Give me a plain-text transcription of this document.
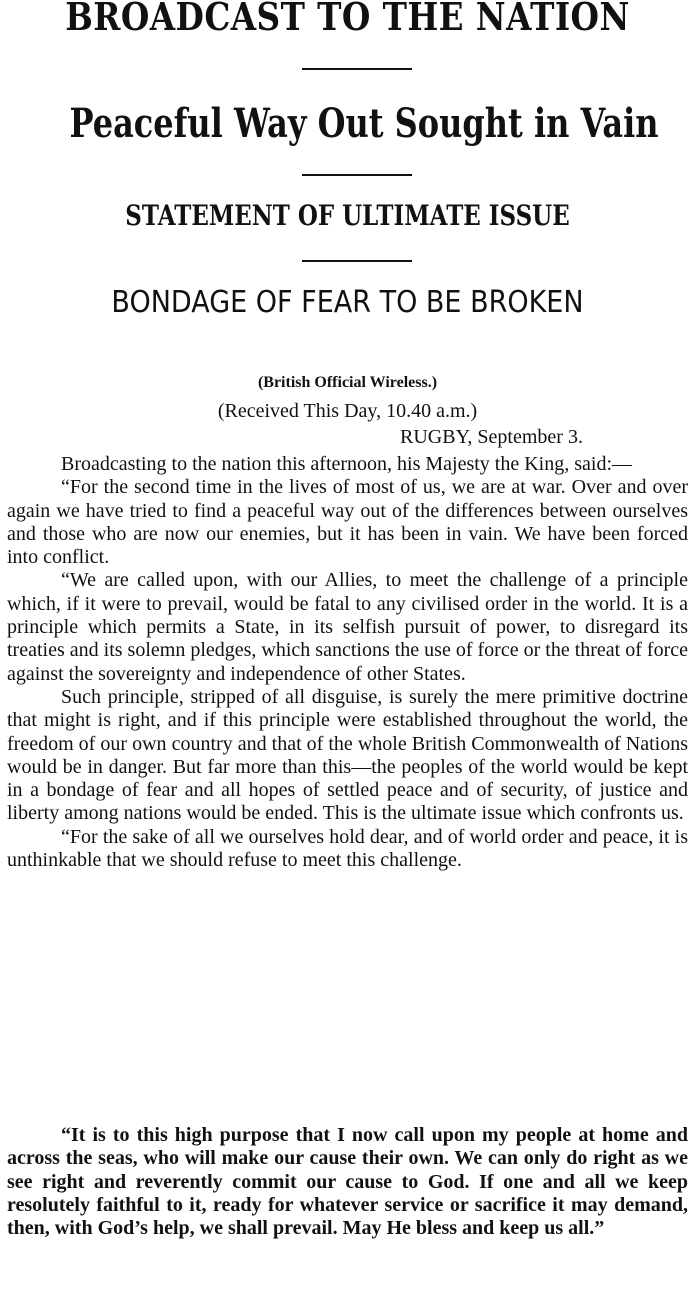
BROADCAST TO THE NATION
Peaceful Way Out Sought in Vain
STATEMENT OF ULTIMATE ISSUE
BONDAGE OF FEAR TO BE BROKEN

(British Official Wireless.)

(Received This Day, 10.40 a.m.)

RUGBY, September 3.

Broadcasting to the nation this afternoon, his Majesty the King, said:—

“For the second time in the lives of most of us, we are at war. Over and over again we have tried to find a peaceful way out of the differences between ourselves and those who are now our enemies, but it has been in vain. We have been forced into conflict.

“We are called upon, with our Allies, to meet the challenge of a principle which, if it were to prevail, would be fatal to any civilised order in the world. It is a principle which permits a State, in its selfish pursuit of power, to disregard its treaties and its solemn pledges, which sanctions the use of force or the threat of force against the sovereignty and independence of other States.

Such principle, stripped of all disguise, is surely the mere primitive doctrine that might is right, and if this principle were established throughout the world, the freedom of our own country and that of the whole British Commonwealth of Nations would be in danger. But far more than this—the peoples of the world would be kept in a bondage of fear and all hopes of settled peace and of security, of justice and liberty among nations would be ended. This is the ultimate issue which confronts us.

“For the sake of all we ourselves hold dear, and of world order and peace, it is unthinkable that we should refuse to meet this challenge.

“It is to this high purpose that I now call upon my people at home and across the seas, who will make our cause their own. We can only do right as we see right and reverently commit our cause to God. If one and all we keep resolutely faithful to it, ready for whatever service or sacrifice it may demand, then, with God’s help, we shall prevail. May He bless and keep us all.”
